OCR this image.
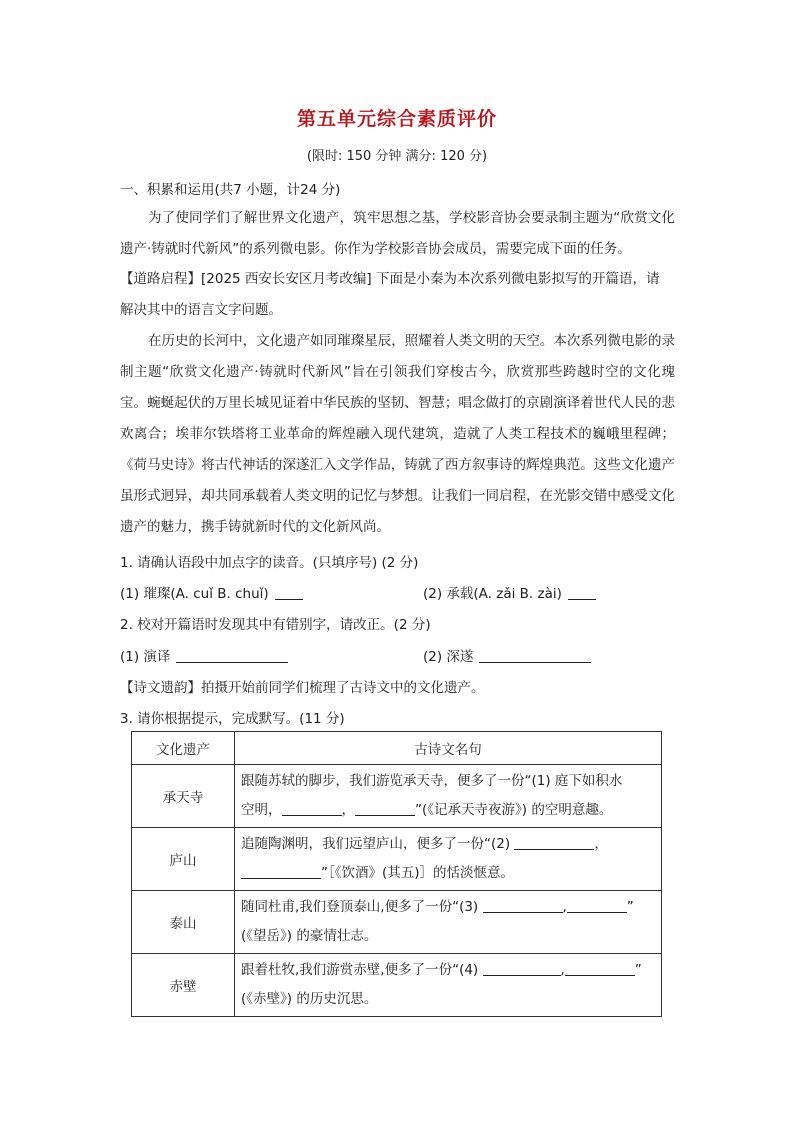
第五单元综合素质评价
(限时: 150 分钟 满分: 120 分)
一、积累和运用(共7 小题，计24 分)

为了使同学们了解世界文化遗产，筑牢思想之基，学校影音协会要录制主题为“欣赏文化遗产·铸就时代新风”的系列微电影。你作为学校影音协会成员，需要完成下面的任务。

【道路启程】[2025 西安长安区月考改编] 下面是小秦为本次系列微电影拟写的开篇语，请
解决其中的语言文字问题。

在历史的长河中，文化遗产如同璀璨星辰，照耀着人类文明的天空。本次系列微电影的录制主题“欣赏文化遗产·铸就时代新风”旨在引领我们穿梭古今，欣赏那些跨越时空的文化瑰宝。蜿蜒起伏的万里长城见证着中华民族的坚韧、智慧；唱念做打的京剧演译着世代人民的悲欢离合；埃菲尔铁塔将工业革命的辉煌融入现代建筑，造就了人类工程技术的巍峨里程碑；《荷马史诗》将古代神话的深遂汇入文学作品，铸就了西方叙事诗的辉煌典范。这些文化遗产虽形式迥异，却共同承载着人类文明的记忆与梦想。让我们一同启程，在光影交错中感受文化遗产的魅力，携手铸就新时代的文化新风尚。

1. 请确认语段中加点字的读音。(只填序号) (2 分)
(1) 璀璨(A. cuǐ B. chuǐ)	(2) 承载(A. zǎi B. zài)
2. 校对开篇语时发现其中有错别字，请改正。(2 分)
(1) 演译	(2) 深遂
【诗文遗韵】拍摄开始前同学们梳理了古诗文中的文化遗产。
3. 请你根据提示，完成默写。(11 分)
文化遗产	古诗文名句
承天寺	跟随苏轼的脚步，我们游览承天寺，便多了一份“(1) 庭下如积水
空明， ， ”(《记承天寺夜游》) 的空明意趣。
庐山	追随陶渊明，我们远望庐山，便多了一份“(2) ，
”［《饮酒》(其五)］的恬淡惬意。
泰山	随同杜甫,我们登顶泰山,便多了一份“(3) , ”
(《望岳》) 的豪情壮志。
赤壁	跟着杜牧,我们游赏赤壁,便多了一份“(4) , ”
(《赤壁》) 的历史沉思。
